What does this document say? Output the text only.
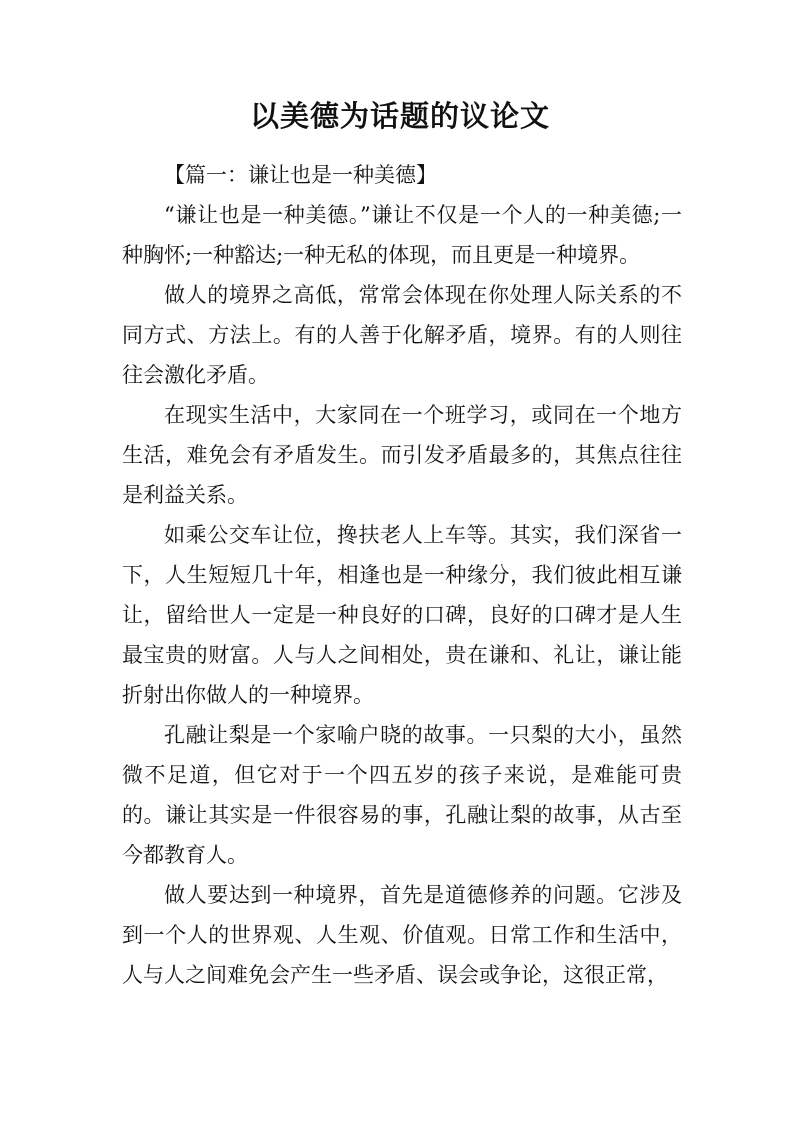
以美德为话题的议论文

【篇一：谦让也是一种美德】

“谦让也是一种美德。”谦让不仅是一个人的一种美德;一种胸怀;一种豁达;一种无私的体现，而且更是一种境界。

做人的境界之高低，常常会体现在你处理人际关系的不同方式、方法上。有的人善于化解矛盾，境界。有的人则往往会激化矛盾。

在现实生活中，大家同在一个班学习，或同在一个地方生活，难免会有矛盾发生。而引发矛盾最多的，其焦点往往是利益关系。

如乘公交车让位，搀扶老人上车等。其实，我们深省一下，人生短短几十年，相逢也是一种缘分，我们彼此相互谦让，留给世人一定是一种良好的口碑，良好的口碑才是人生最宝贵的财富。人与人之间相处，贵在谦和、礼让，谦让能折射出你做人的一种境界。

孔融让梨是一个家喻户晓的故事。一只梨的大小，虽然微不足道，但它对于一个四五岁的孩子来说，是难能可贵的。谦让其实是一件很容易的事，孔融让梨的故事，从古至今都教育人。

做人要达到一种境界，首先是道德修养的问题。它涉及到一个人的世界观、人生观、价值观。日常工作和生活中，人与人之间难免会产生一些矛盾、误会或争论，这很正常，
